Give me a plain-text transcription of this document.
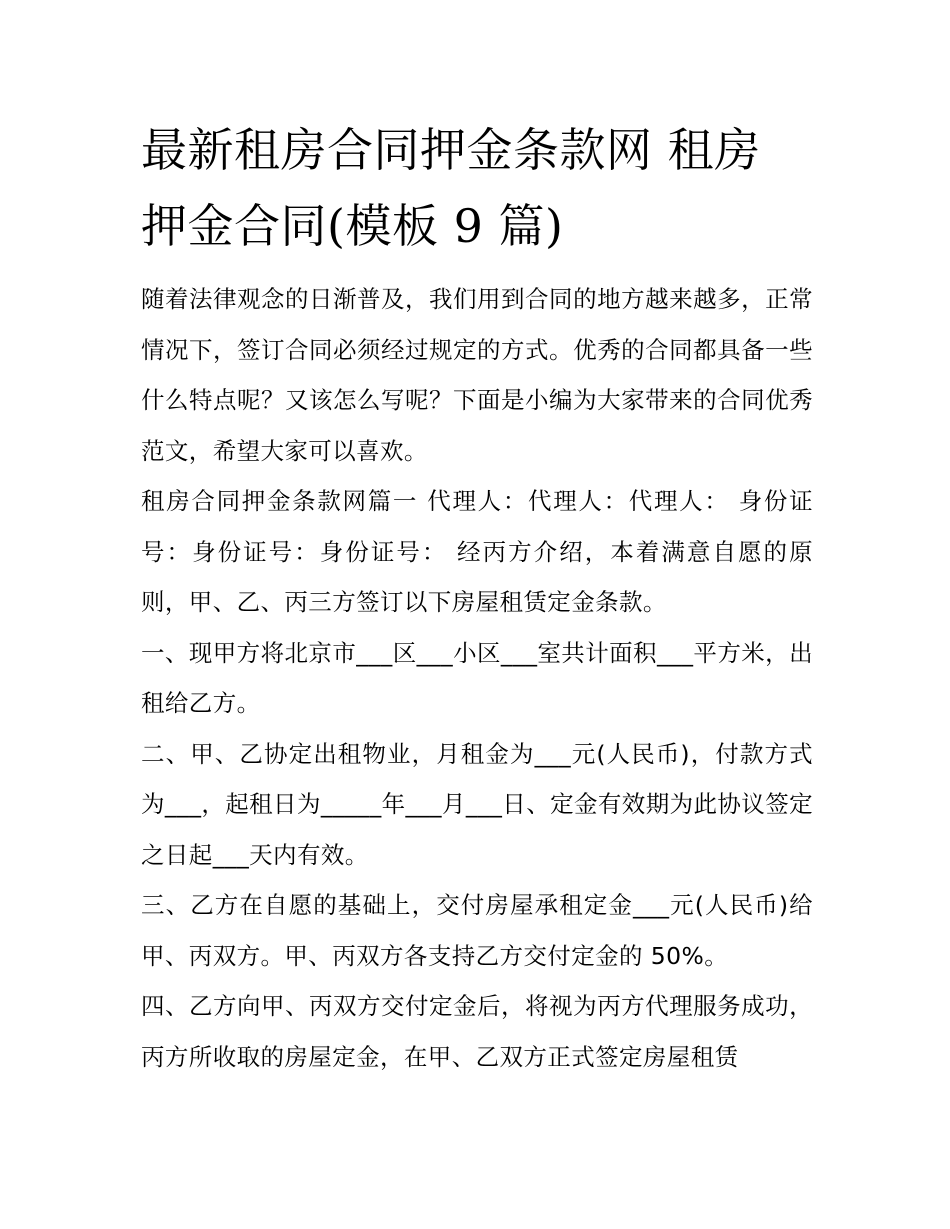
最新租房合同押金条款网 租房
押金合同(模板 9 篇)

随着法律观念的日渐普及，我们用到合同的地方越来越多，正常情况下，签订合同必须经过规定的方式。优秀的合同都具备一些什么特点呢？又该怎么写呢？下面是小编为大家带来的合同优秀范文，希望大家可以喜欢。

租房合同押金条款网篇一 代理人：代理人：代理人： 身份证号：身份证号：身份证号： 经丙方介绍，本着满意自愿的原则，甲、乙、丙三方签订以下房屋租赁定金条款。

一、现甲方将北京市___区___小区___室共计面积___平方米，出租给乙方。

二、甲、乙协定出租物业，月租金为___元(人民币)，付款方式为___，起租日为_____年___月___日、定金有效期为此协议签定之日起___天内有效。

三、乙方在自愿的基础上，交付房屋承租定金___元(人民币)给甲、丙双方。甲、丙双方各支持乙方交付定金的 50%。

四、乙方向甲、丙双方交付定金后，将视为丙方代理服务成功，丙方所收取的房屋定金，在甲、乙双方正式签定房屋租赁
